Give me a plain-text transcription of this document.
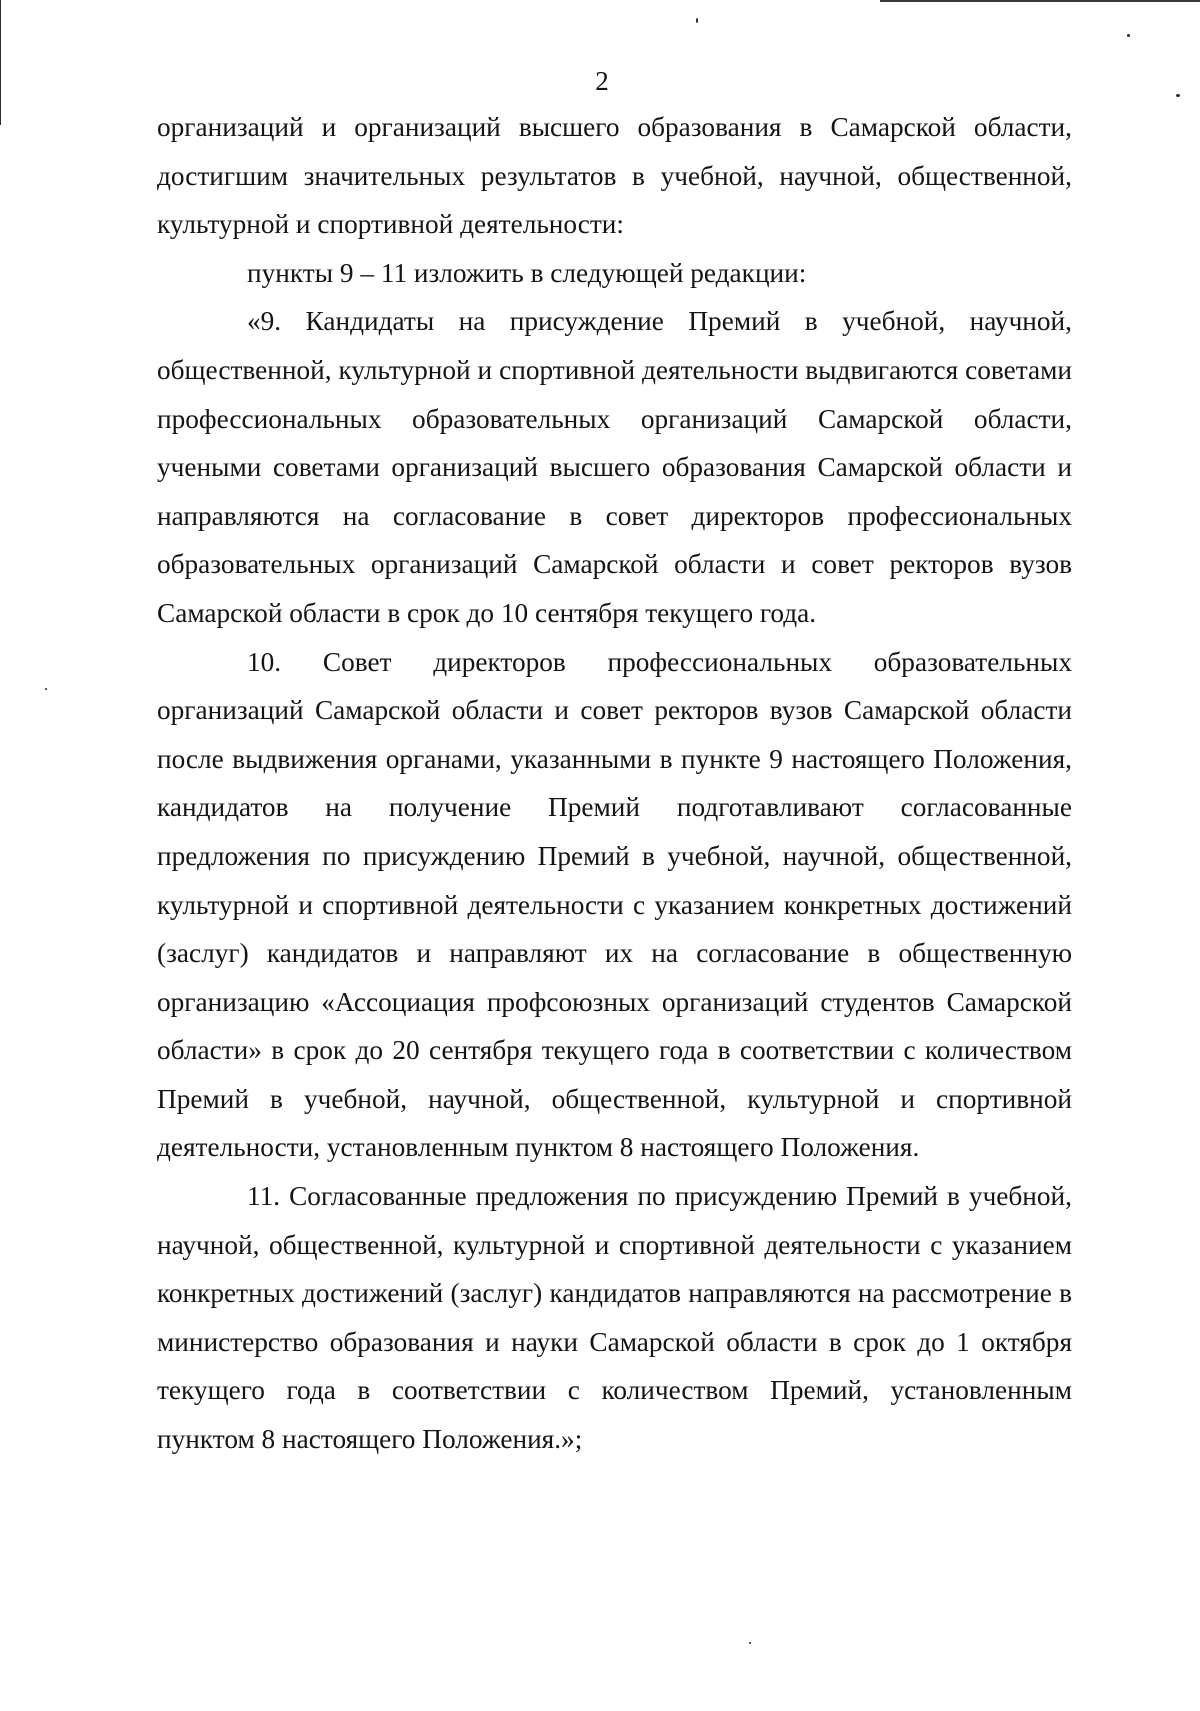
2

организаций и организаций высшего образования в Самарской области, достигшим значительных результатов в учебной, научной, общественной, культурной и спортивной деятельности:

пункты 9 – 11 изложить в следующей редакции:

«9. Кандидаты на присуждение Премий в учебной, научной, общественной, культурной и спортивной деятельности выдвигаются советами профессиональных образовательных организаций Самарской области, учеными советами организаций высшего образования Самарской области и направляются на согласование в совет директоров профессиональных образовательных организаций Самарской области и совет ректоров вузов Самарской области в срок до 10 сентября текущего года.

10. Совет директоров профессиональных образовательных организаций Самарской области и совет ректоров вузов Самарской области после выдвижения органами, указанными в пункте 9 настоящего Положения, кандидатов на получение Премий подготавливают согласованные предложения по присуждению Премий в учебной, научной, общественной, культурной и спортивной деятельности с указанием конкретных достижений (заслуг) кандидатов и направляют их на согласование в общественную организацию «Ассоциация профсоюзных организаций студентов Самарской области» в срок до 20 сентября текущего года в соответствии с количеством Премий в учебной, научной, общественной, культурной и спортивной деятельности, установленным пунктом 8 настоящего Положения.

11. Согласованные предложения по присуждению Премий в учебной, научной, общественной, культурной и спортивной деятельности с указанием конкретных достижений (заслуг) кандидатов направляются на рассмотрение в министерство образования и науки Самарской области в срок до 1 октября текущего года в соответствии с количеством Премий, установленным пунктом 8 настоящего Положения.»;
